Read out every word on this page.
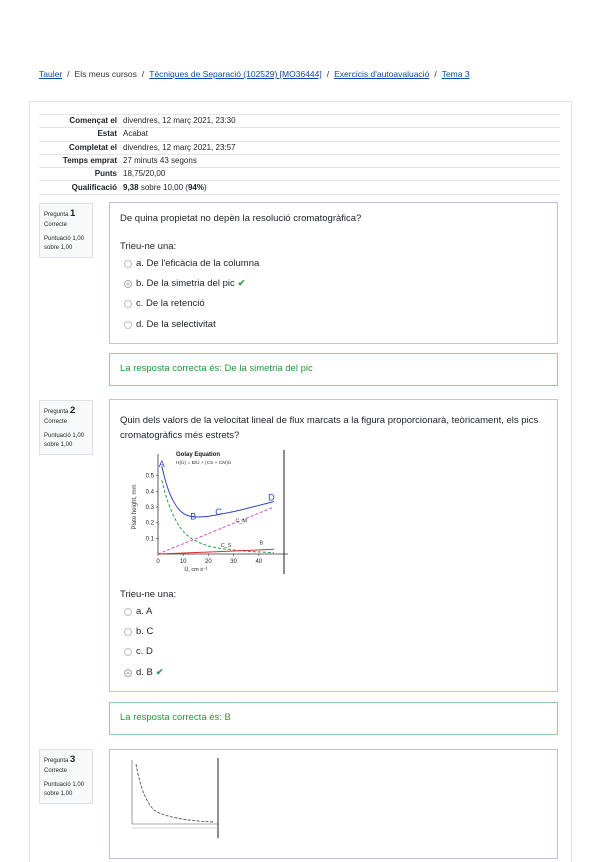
Tauler / Els meus cursos / Tècniques de Separació (102529) [MO36444] / Exercicis d'autoavaluació / Tema 3
Començat el	divendres, 12 març 2021, 23:30
Estat	Acabat
Completat el	divendres, 12 març 2021, 23:57
Temps emprat	27 minuts 43 segons
Punts	18,75/20,00
Qualificació	9,38 sobre 10,00 (94%)
Pregunta 1
Correcte
Puntuació 1,00 sobre 1,00
De quina propietat no depèn la resolució cromatogràfica?
Trieu-ne una:
a. De l'eficàcia de la columna
b. De la simetria del pic ✔
c. De la retenció
d. De la selectivitat
La resposta correcta és: De la simetria del pic
Pregunta 2
Correcte
Puntuació 1,00 sobre 1,00
Quin dels valors de la velocitat lineal de flux marcats a la figura proporcionarà, teòricament, els pics cromatogràfics més estrets?
0	10	20	30	40
0.1
0.2
0.3
0.4
0.5
Ū, cm s⁻¹
Plate height, mm
Golay Equation
H(Ū) = B/Ū + (CS + CM)Ū
A
B C
D
C_M
C_S	B
Trieu-ne una:
a. A
b. C
c. D
d. B ✔
La resposta correcta és: B
Pregunta 3
Correcte
Puntuació 1,00 sobre 1,00
